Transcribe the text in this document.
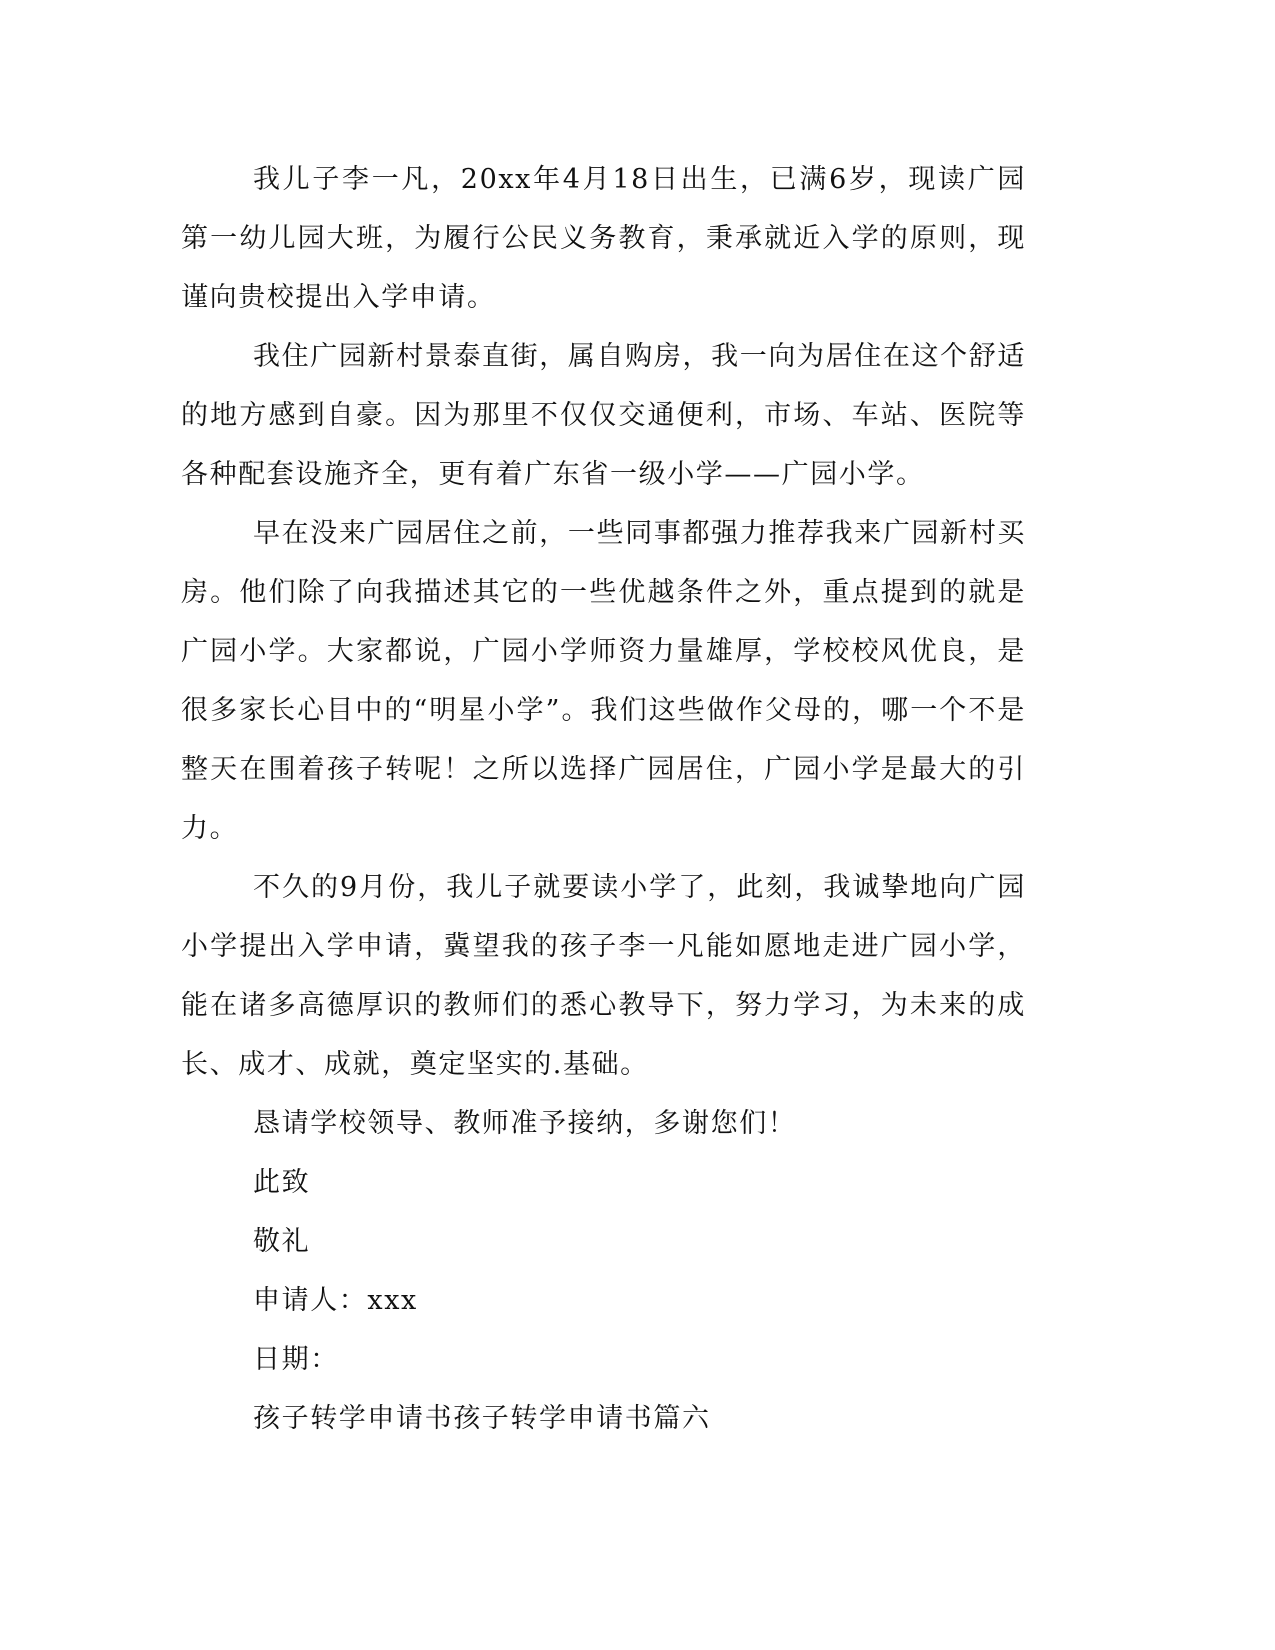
我儿子李一凡，20xx年4月18日出生，已满6岁，现读广园第一幼儿园大班，为履行公民义务教育，秉承就近入学的原则，现谨向贵校提出入学申请。

我住广园新村景泰直街，属自购房，我一向为居住在这个舒适的地方感到自豪。因为那里不仅仅交通便利，市场、车站、医院等各种配套设施齐全，更有着广东省一级小学——广园小学。

早在没来广园居住之前，一些同事都强力推荐我来广园新村买房。他们除了向我描述其它的一些优越条件之外，重点提到的就是广园小学。大家都说，广园小学师资力量雄厚，学校校风优良，是很多家长心目中的“明星小学”。我们这些做作父母的，哪一个不是整天在围着孩子转呢！之所以选择广园居住，广园小学是最大的引力。

不久的9月份，我儿子就要读小学了，此刻，我诚挚地向广园小学提出入学申请，冀望我的孩子李一凡能如愿地走进广园小学，能在诸多高德厚识的教师们的悉心教导下，努力学习，为未来的成长、成才、成就，奠定坚实的.基础。

恳请学校领导、教师准予接纳，多谢您们！

此致

敬礼

申请人：xxx

日期：

孩子转学申请书孩子转学申请书篇六
